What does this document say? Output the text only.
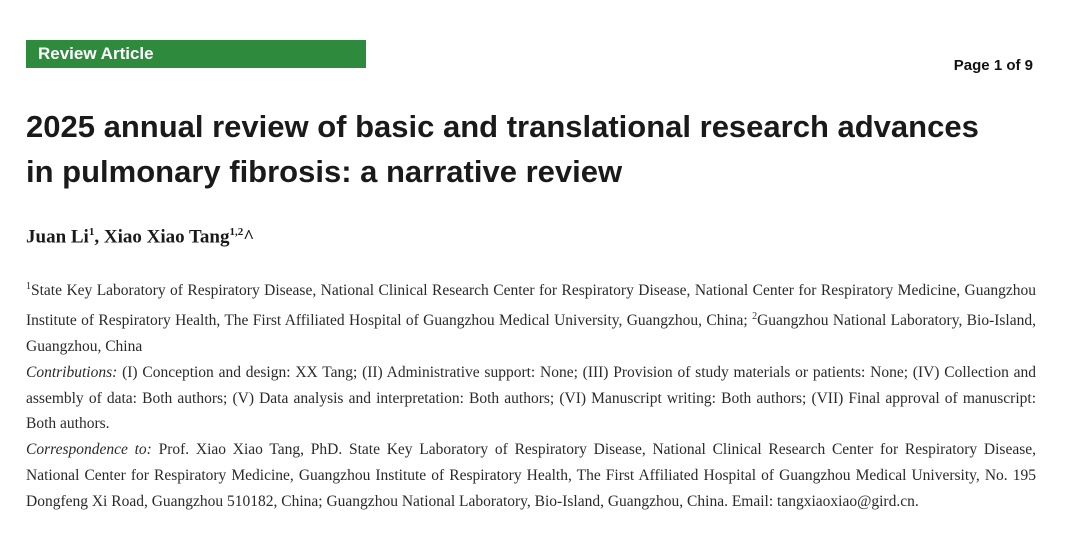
Review Article
Page 1 of 9
2025 annual review of basic and translational research advances
in pulmonary fibrosis: a narrative review
Juan Li$^1$, Xiao Xiao Tang$^{1,2}$^

$^1$State Key Laboratory of Respiratory Disease, National Clinical Research Center for Respiratory Disease, National Center for Respiratory Medicine, Guangzhou Institute of Respiratory Health, The First Affiliated Hospital of Guangzhou Medical University, Guangzhou, China; $^2$Guangzhou National Laboratory, Bio-Island, Guangzhou, China

Contributions: (I) Conception and design: XX Tang; (II) Administrative support: None; (III) Provision of study materials or patients: None; (IV) Collection and assembly of data: Both authors; (V) Data analysis and interpretation: Both authors; (VI) Manuscript writing: Both authors; (VII) Final approval of manuscript: Both authors.

Correspondence to: Prof. Xiao Xiao Tang, PhD. State Key Laboratory of Respiratory Disease, National Clinical Research Center for Respiratory Disease, National Center for Respiratory Medicine, Guangzhou Institute of Respiratory Health, The First Affiliated Hospital of Guangzhou Medical University, No. 195 Dongfeng Xi Road, Guangzhou 510182, China; Guangzhou National Laboratory, Bio-Island, Guangzhou, China. Email: tangxiaoxiao@gird.cn.
